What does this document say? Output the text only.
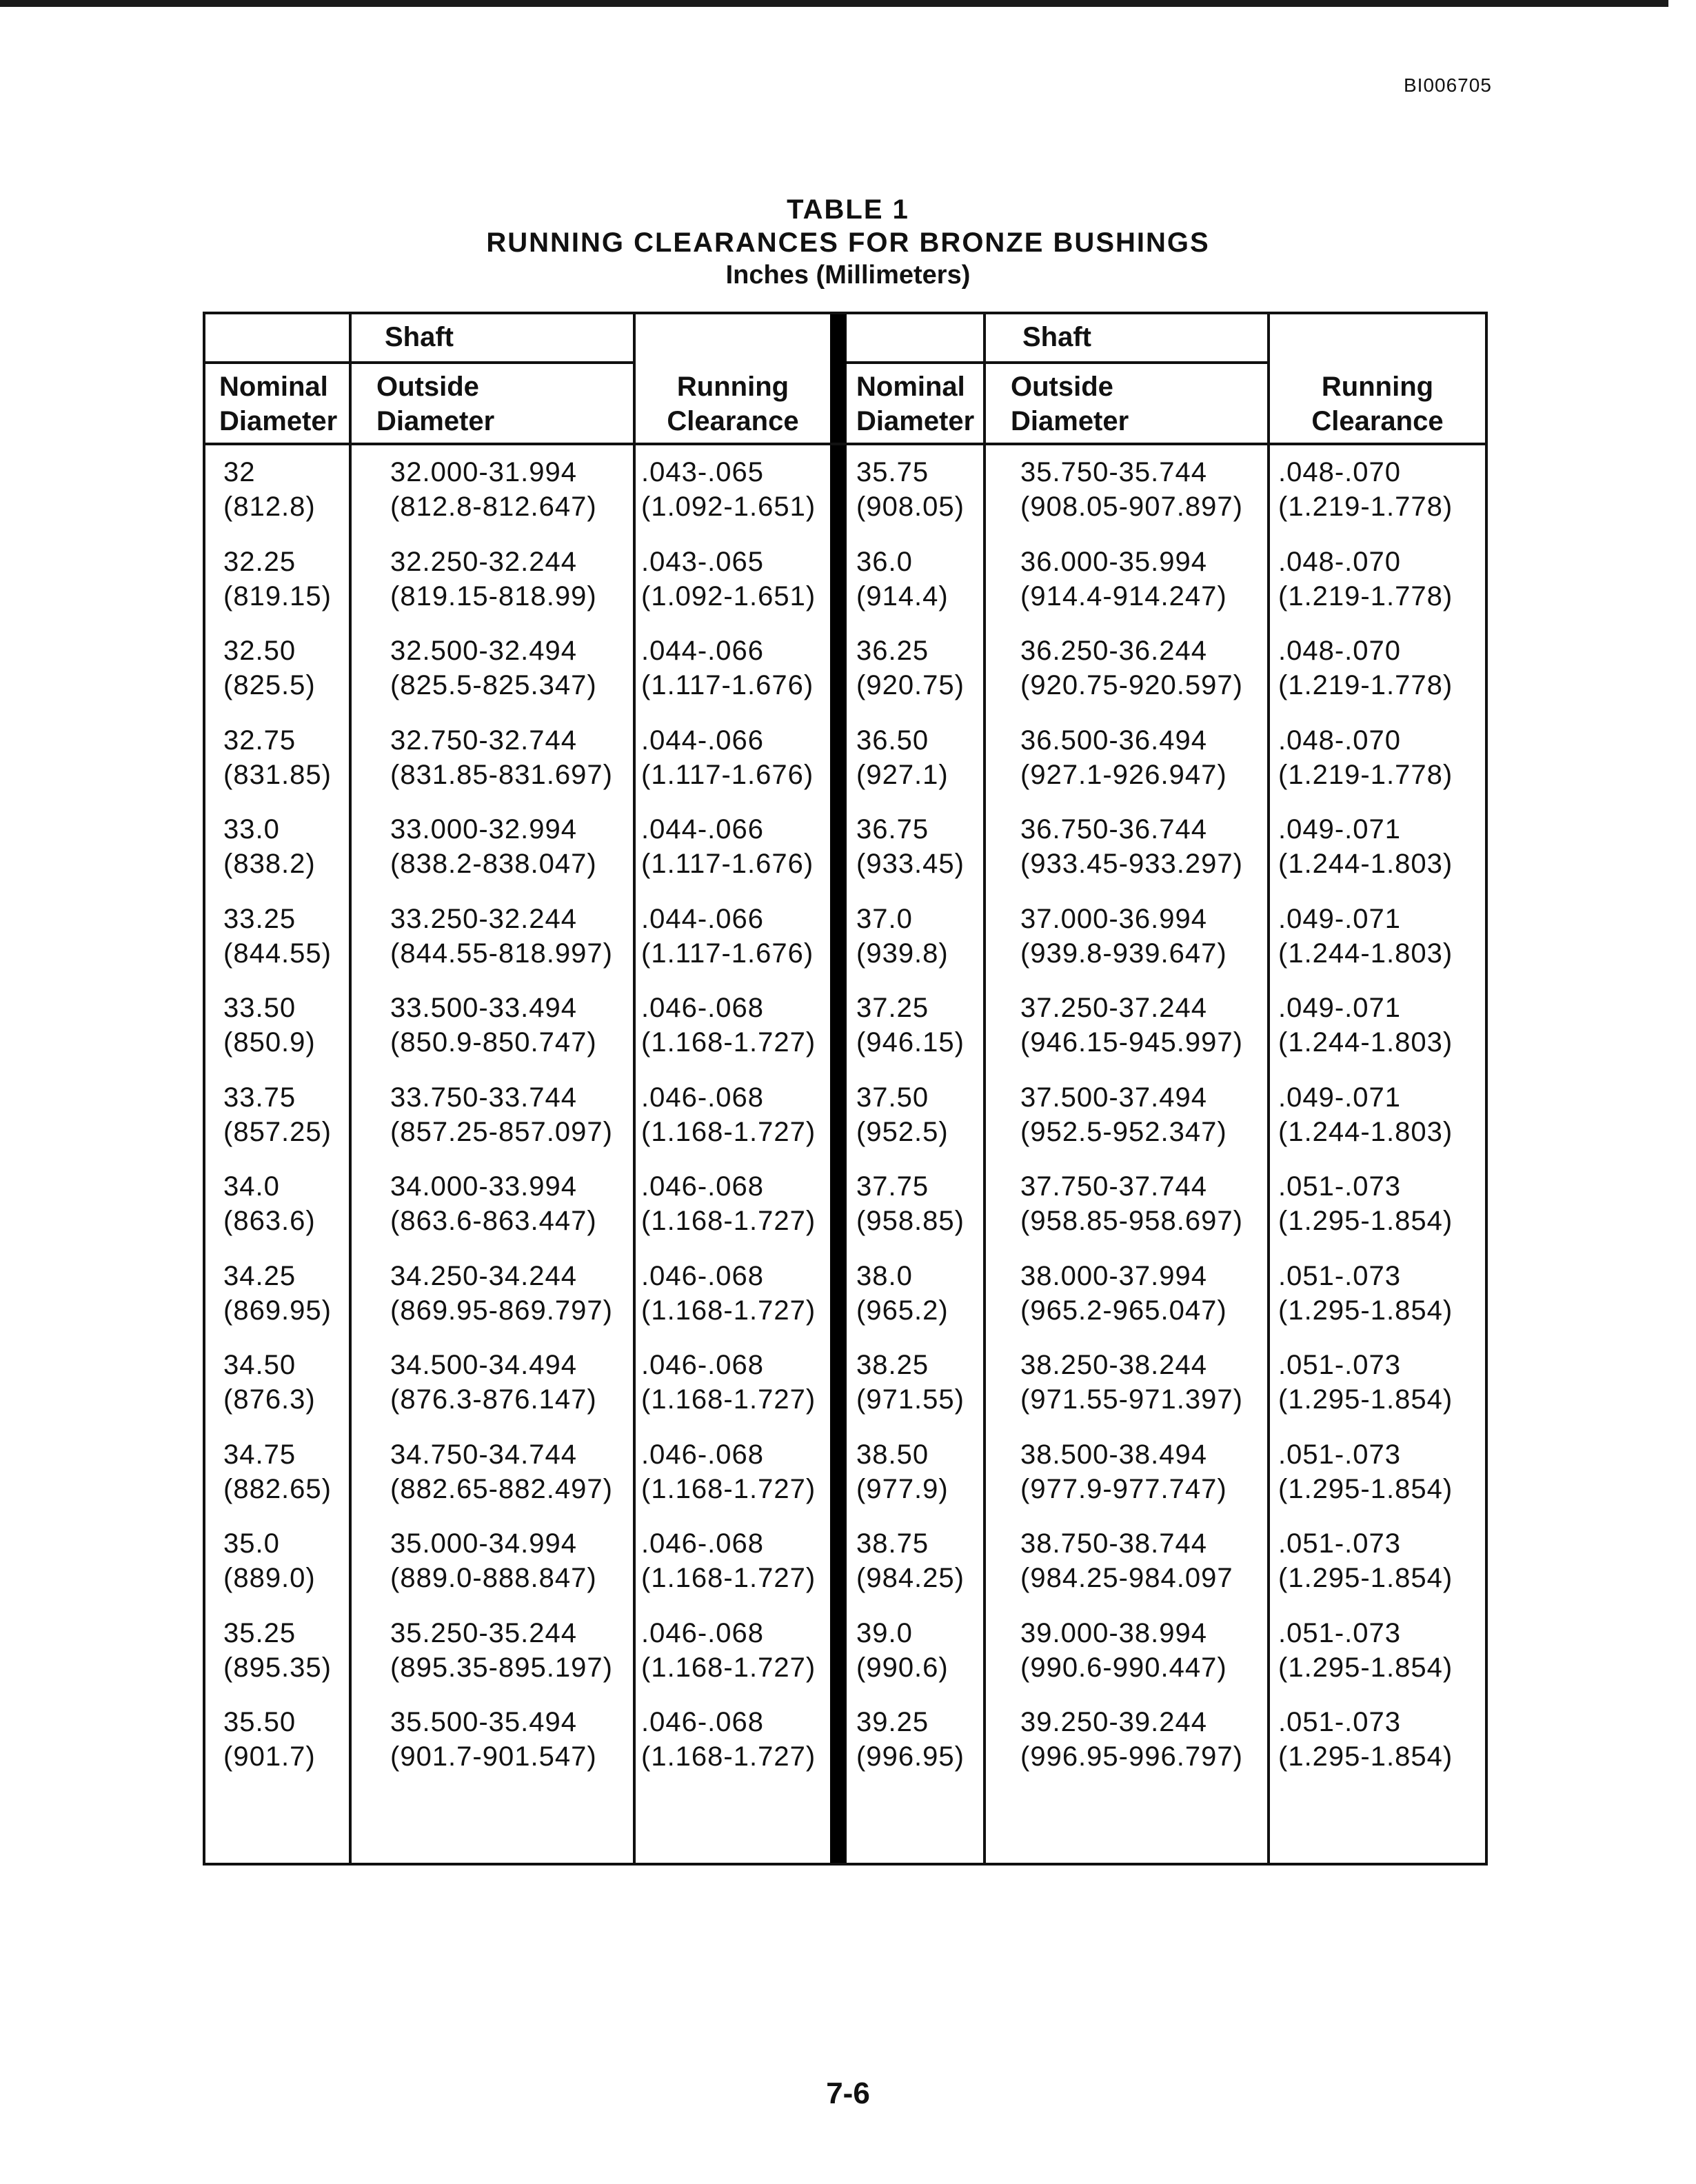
BI006705
TABLE 1
RUNNING CLEARANCES FOR BRONZE BUSHINGS
Inches (Millimeters)
Shaft
Nominal
Diameter
Outside
Diameter
Running
Clearance
Shaft
Nominal
Diameter
Outside
Diameter
Running
Clearance
32
(812.8)
32.000-31.994
(812.8-812.647)
.043-.065
(1.092-1.651)
32.25
(819.15)
32.250-32.244
(819.15-818.99)
.043-.065
(1.092-1.651)
32.50
(825.5)
32.500-32.494
(825.5-825.347)
.044-.066
(1.117-1.676)
32.75
(831.85)
32.750-32.744
(831.85-831.697)
.044-.066
(1.117-1.676)
33.0
(838.2)
33.000-32.994
(838.2-838.047)
.044-.066
(1.117-1.676)
33.25
(844.55)
33.250-32.244
(844.55-818.997)
.044-.066
(1.117-1.676)
33.50
(850.9)
33.500-33.494
(850.9-850.747)
.046-.068
(1.168-1.727)
33.75
(857.25)
33.750-33.744
(857.25-857.097)
.046-.068
(1.168-1.727)
34.0
(863.6)
34.000-33.994
(863.6-863.447)
.046-.068
(1.168-1.727)
34.25
(869.95)
34.250-34.244
(869.95-869.797)
.046-.068
(1.168-1.727)
34.50
(876.3)
34.500-34.494
(876.3-876.147)
.046-.068
(1.168-1.727)
34.75
(882.65)
34.750-34.744
(882.65-882.497)
.046-.068
(1.168-1.727)
35.0
(889.0)
35.000-34.994
(889.0-888.847)
.046-.068
(1.168-1.727)
35.25
(895.35)
35.250-35.244
(895.35-895.197)
.046-.068
(1.168-1.727)
35.50
(901.7)
35.500-35.494
(901.7-901.547)
.046-.068
(1.168-1.727)
35.75
(908.05)
35.750-35.744
(908.05-907.897)
.048-.070
(1.219-1.778)
36.0
(914.4)
36.000-35.994
(914.4-914.247)
.048-.070
(1.219-1.778)
36.25
(920.75)
36.250-36.244
(920.75-920.597)
.048-.070
(1.219-1.778)
36.50
(927.1)
36.500-36.494
(927.1-926.947)
.048-.070
(1.219-1.778)
36.75
(933.45)
36.750-36.744
(933.45-933.297)
.049-.071
(1.244-1.803)
37.0
(939.8)
37.000-36.994
(939.8-939.647)
.049-.071
(1.244-1.803)
37.25
(946.15)
37.250-37.244
(946.15-945.997)
.049-.071
(1.244-1.803)
37.50
(952.5)
37.500-37.494
(952.5-952.347)
.049-.071
(1.244-1.803)
37.75
(958.85)
37.750-37.744
(958.85-958.697)
.051-.073
(1.295-1.854)
38.0
(965.2)
38.000-37.994
(965.2-965.047)
.051-.073
(1.295-1.854)
38.25
(971.55)
38.250-38.244
(971.55-971.397)
.051-.073
(1.295-1.854)
38.50
(977.9)
38.500-38.494
(977.9-977.747)
.051-.073
(1.295-1.854)
38.75
(984.25)
38.750-38.744
(984.25-984.097
.051-.073
(1.295-1.854)
39.0
(990.6)
39.000-38.994
(990.6-990.447)
.051-.073
(1.295-1.854)
39.25
(996.95)
39.250-39.244
(996.95-996.797)
.051-.073
(1.295-1.854)
7-6
